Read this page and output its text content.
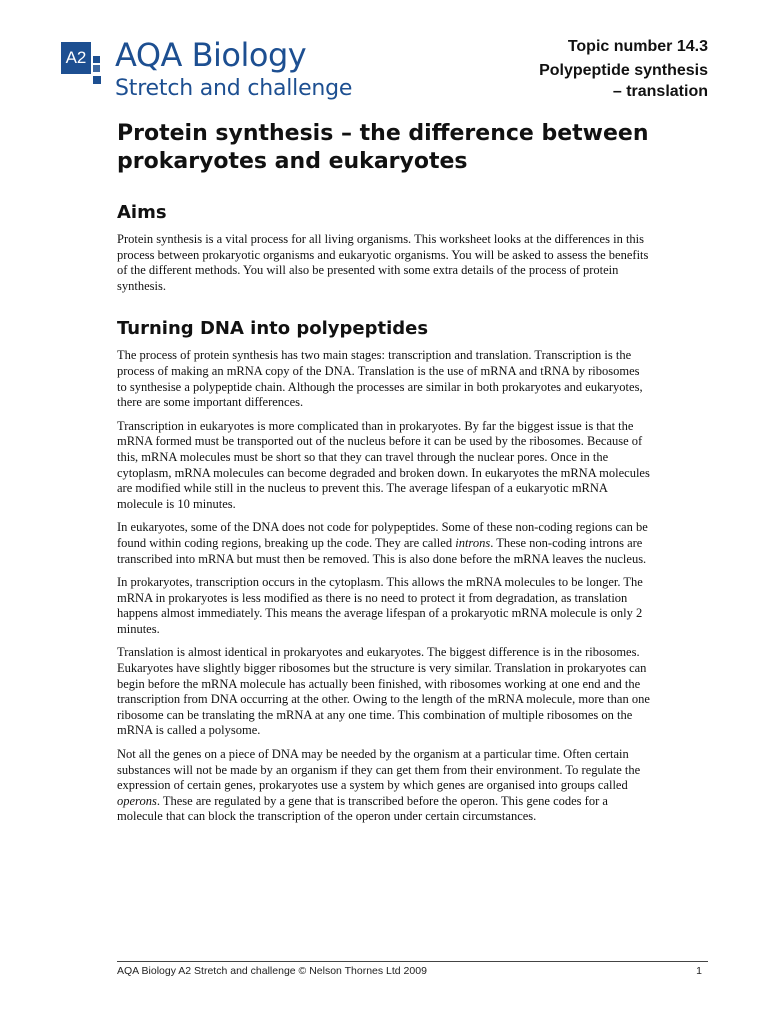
A2 AQA Biology
Stretch and challenge
Topic number 14.3
Polypeptide synthesis
– translation
Protein synthesis – the difference between prokaryotes and eukaryotes
Aims

Protein synthesis is a vital process for all living organisms. This worksheet looks at the differences in this process between prokaryotic organisms and eukaryotic organisms. You will be asked to assess the benefits of the different methods. You will also be presented with some extra details of the process of protein synthesis.

Turning DNA into polypeptides

The process of protein synthesis has two main stages: transcription and translation. Transcription is the process of making an mRNA copy of the DNA. Translation is the use of mRNA and tRNA by ribosomes to synthesise a polypeptide chain. Although the processes are similar in both prokaryotes and eukaryotes, there are some important differences.

Transcription in eukaryotes is more complicated than in prokaryotes. By far the biggest issue is that the mRNA formed must be transported out of the nucleus before it can be used by the ribosomes. Because of this, mRNA molecules must be short so that they can travel through the nuclear pores. Once in the cytoplasm, mRNA molecules can become degraded and broken down. In eukaryotes the mRNA molecules are modified while still in the nucleus to prevent this. The average lifespan of a eukaryotic mRNA molecule is 10 minutes.

In eukaryotes, some of the DNA does not code for polypeptides. Some of these non-coding regions can be found within coding regions, breaking up the code. They are called introns. These non-coding introns are transcribed into mRNA but must then be removed. This is also done before the mRNA leaves the nucleus.

In prokaryotes, transcription occurs in the cytoplasm. This allows the mRNA molecules to be longer. The mRNA in prokaryotes is less modified as there is no need to protect it from degradation, as translation happens almost immediately. This means the average lifespan of a prokaryotic mRNA molecule is only 2 minutes.

Translation is almost identical in prokaryotes and eukaryotes. The biggest difference is in the ribosomes. Eukaryotes have slightly bigger ribosomes but the structure is very similar. Translation in prokaryotes can begin before the mRNA molecule has actually been finished, with ribosomes working at one end and the transcription from DNA occurring at the other. Owing to the length of the mRNA molecule, more than one ribosome can be translating the mRNA at any one time. This combination of multiple ribosomes on the mRNA is called a polysome.

Not all the genes on a piece of DNA may be needed by the organism at a particular time. Often certain substances will not be made by an organism if they can get them from their environment. To regulate the expression of certain genes, prokaryotes use a system by which genes are organised into groups called operons. These are regulated by a gene that is transcribed before the operon. This gene codes for a molecule that can block the transcription of the operon under certain circumstances.

AQA Biology A2 Stretch and challenge © Nelson Thornes Ltd 2009	1
